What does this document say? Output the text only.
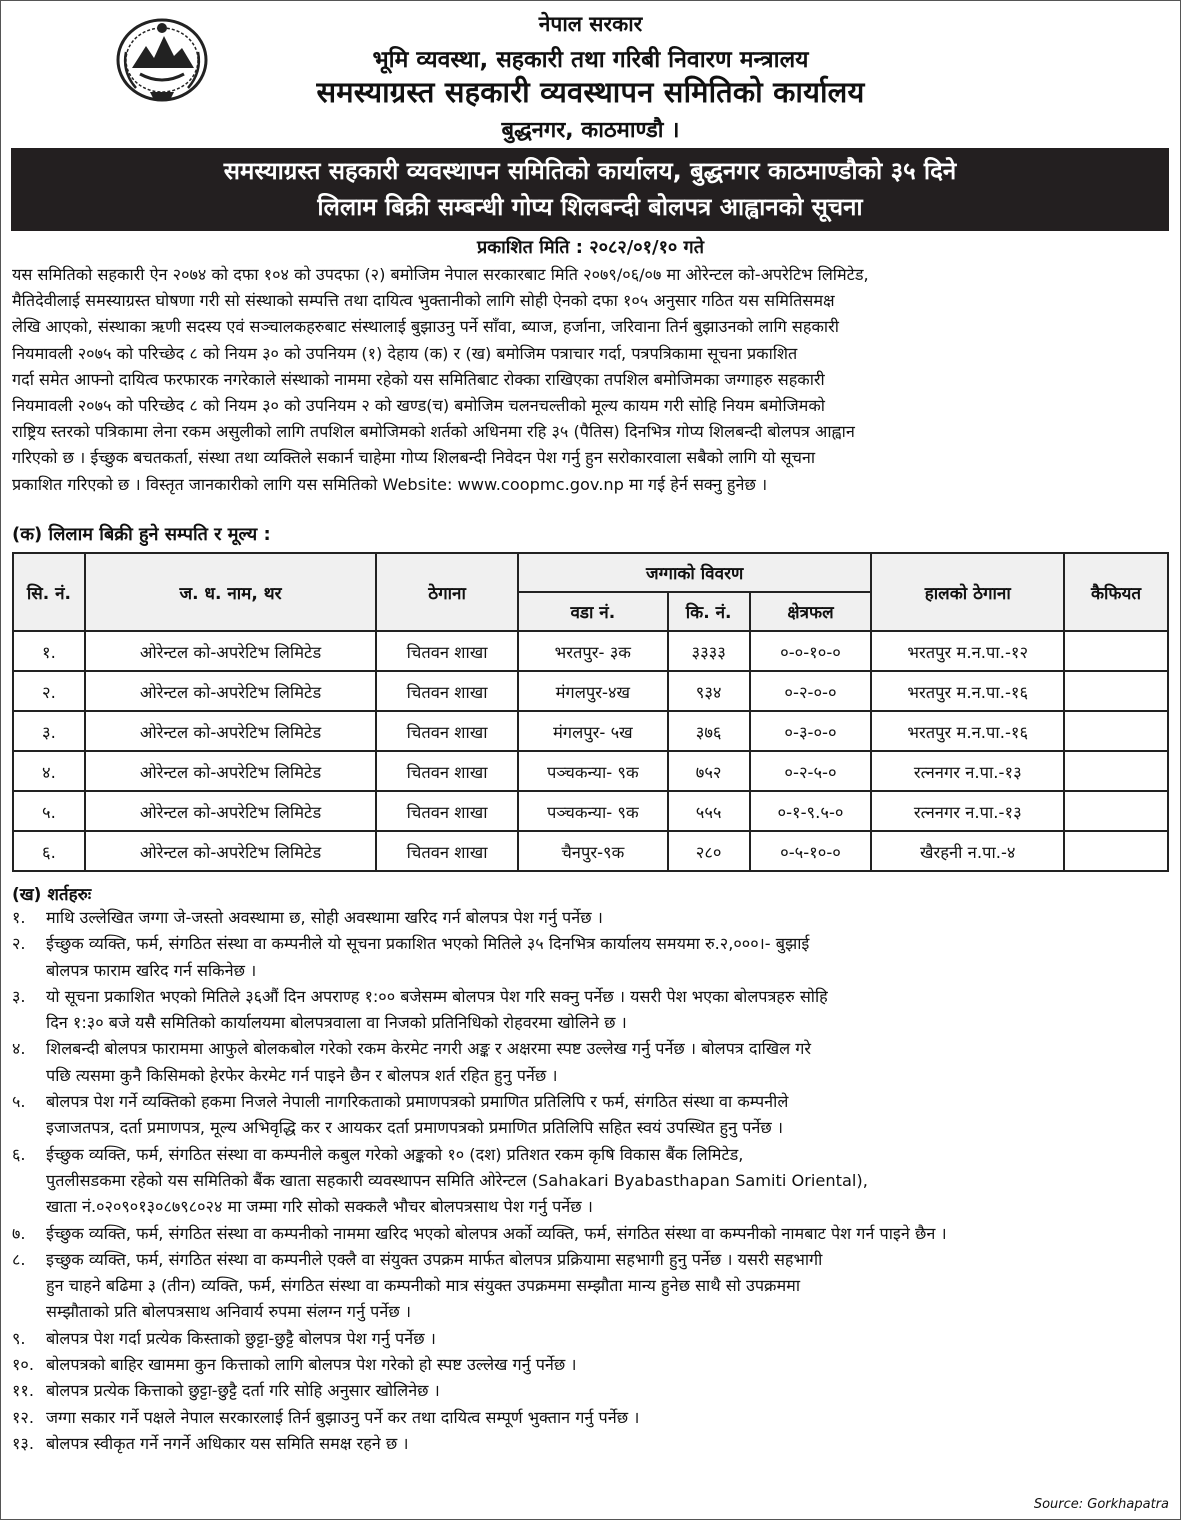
नेपाल सरकार
भूमि व्यवस्था, सहकारी तथा गरिबी निवारण मन्त्रालय
समस्याग्रस्त सहकारी व्यवस्थापन समितिको कार्यालय
बुद्धनगर, काठमाण्डौ ।
समस्याग्रस्त सहकारी व्यवस्थापन समितिको कार्यालय, बुद्धनगर काठमाण्डौको ३५ दिने
लिलाम बिक्री सम्बन्धी गोप्य शिलबन्दी बोलपत्र आह्वानको सूचना
प्रकाशित मिति : २०८२/०१/१० गते
यस समितिको सहकारी ऐन २०७४ को दफा १०४ को उपदफा (२) बमोजिम नेपाल सरकारबाट मिति २०७९/०६/०७ मा ओरेन्टल को-अपरेटिभ लिमिटेड,
मैतिदेवीलाई समस्याग्रस्त घोषणा गरी सो संस्थाको सम्पत्ति तथा दायित्व भुक्तानीको लागि सोही ऐनको दफा १०५ अनुसार गठित यस समितिसमक्ष
लेखि आएको, संस्थाका ऋणी सदस्य एवं सञ्चालकहरुबाट संस्थालाई बुझाउनु पर्ने साँवा, ब्याज, हर्जाना, जरिवाना तिर्न बुझाउनको लागि सहकारी
नियमावली २०७५ को परिच्छेद ८ को नियम ३० को उपनियम (१) देहाय (क) र (ख) बमोजिम पत्राचार गर्दा, पत्रपत्रिकामा सूचना प्रकाशित
गर्दा समेत आफ्नो दायित्व फरफारक नगरेकाले संस्थाको नाममा रहेको यस समितिबाट रोक्का राखिएका तपशिल बमोजिमका जग्गाहरु सहकारी
नियमावली २०७५ को परिच्छेद ८ को नियम ३० को उपनियम २ को खण्ड(च) बमोजिम चलनचल्तीको मूल्य कायम गरी सोहि नियम बमोजिमको
राष्ट्रिय स्तरको पत्रिकामा लेना रकम असुलीको लागि तपशिल बमोजिमको शर्तको अधिनमा रहि ३५ (पैतिस) दिनभित्र गोप्य शिलबन्दी बोलपत्र आह्वान
गरिएको छ । ईच्छुक बचतकर्ता, संस्था तथा व्यक्तिले सकार्न चाहेमा गोप्य शिलबन्दी निवेदन पेश गर्नु हुन सरोकारवाला सबैको लागि यो सूचना
प्रकाशित गरिएको छ । विस्तृत जानकारीको लागि यस समितिको Website: www.coopmc.gov.np मा गई हेर्न सक्नु हुनेछ ।
(क) लिलाम बिक्री हुने सम्पति र मूल्य :
सि. नं.	ज. ध. नाम, थर	ठेगाना	जग्गाको विवरण			हालको ठेगाना	कैफियत
			वडा नं.	कि. नं.	क्षेत्रफल		
१.	ओरेन्टल को-अपरेटिभ लिमिटेड	चितवन शाखा	भरतपुर- ३क	३३३३	०-०-१०-०	भरतपुर म.न.पा.-१२	
२.	ओरेन्टल को-अपरेटिभ लिमिटेड	चितवन शाखा	मंगलपुर-४ख	९३४	०-२-०-०	भरतपुर म.न.पा.-१६	
३.	ओरेन्टल को-अपरेटिभ लिमिटेड	चितवन शाखा	मंगलपुर- ५ख	३७६	०-३-०-०	भरतपुर म.न.पा.-१६	
४.	ओरेन्टल को-अपरेटिभ लिमिटेड	चितवन शाखा	पञ्चकन्या- ९क	७५२	०-२-५-०	रत्ननगर न.पा.-१३	
५.	ओरेन्टल को-अपरेटिभ लिमिटेड	चितवन शाखा	पञ्चकन्या- ९क	५५५	०-१-९.५-०	रत्ननगर न.पा.-१३	
६.	ओरेन्टल को-अपरेटिभ लिमिटेड	चितवन शाखा	चैनपुर-९क	२८०	०-५-१०-०	खैरहनी न.पा.-४	
(ख) शर्तहरुः
१.	माथि उल्लेखित जग्गा जे-जस्तो अवस्थामा छ, सोही अवस्थामा खरिद गर्न बोलपत्र पेश गर्नु पर्नेछ ।
२.	ईच्छुक व्यक्ति, फर्म, संगठित संस्था वा कम्पनीले यो सूचना प्रकाशित भएको मितिले ३५ दिनभित्र कार्यालय समयमा रु.२,०००।- बुझाई
बोलपत्र फाराम खरिद गर्न सकिनेछ ।
३.	यो सूचना प्रकाशित भएको मितिले ३६औं दिन अपराण्ह १:०० बजेसम्म बोलपत्र पेश गरि सक्नु पर्नेछ । यसरी पेश भएका बोलपत्रहरु सोहि
दिन १:३० बजे यसै समितिको कार्यालयमा बोलपत्रवाला वा निजको प्रतिनिधिको रोहवरमा खोलिने छ ।
४.	शिलबन्दी बोलपत्र फाराममा आफुले बोलकबोल गरेको रकम केरमेट नगरी अङ्क र अक्षरमा स्पष्ट उल्लेख गर्नु पर्नेछ । बोलपत्र दाखिल गरे
पछि त्यसमा कुनै किसिमको हेरफेर केरमेट गर्न पाइने छैन र बोलपत्र शर्त रहित हुनु पर्नेछ ।
५.	बोलपत्र पेश गर्ने व्यक्तिको हकमा निजले नेपाली नागरिकताको प्रमाणपत्रको प्रमाणित प्रतिलिपि र फर्म, संगठित संस्था वा कम्पनीले
इजाजतपत्र, दर्ता प्रमाणपत्र, मूल्य अभिवृद्धि कर र आयकर दर्ता प्रमाणपत्रको प्रमाणित प्रतिलिपि सहित स्वयं उपस्थित हुनु पर्नेछ ।
६.	ईच्छुक व्यक्ति, फर्म, संगठित संस्था वा कम्पनीले कबुल गरेको अङ्कको १० (दश) प्रतिशत रकम कृषि विकास बैंक लिमिटेड,
पुतलीसडकमा रहेको यस समितिको बैंक खाता सहकारी व्यवस्थापन समिति ओरेन्टल (Sahakari Byabasthapan Samiti Oriental),
खाता नं.०२०९०१३०८७९८०२४ मा जम्मा गरि सोको सक्कलै भौचर बोलपत्रसाथ पेश गर्नु पर्नेछ ।
७.	ईच्छुक व्यक्ति, फर्म, संगठित संस्था वा कम्पनीको नाममा खरिद भएको बोलपत्र अर्को व्यक्ति, फर्म, संगठित संस्था वा कम्पनीको नामबाट पेश गर्न पाइने छैन ।
८.	इच्छुक व्यक्ति, फर्म, संगठित संस्था वा कम्पनीले एक्लै वा संयुक्त उपक्रम मार्फत बोलपत्र प्रक्रियामा सहभागी हुनु पर्नेछ । यसरी सहभागी
हुन चाहने बढिमा ३ (तीन) व्यक्ति, फर्म, संगठित संस्था वा कम्पनीको मात्र संयुक्त उपक्रममा सम्झौता मान्य हुनेछ साथै सो उपक्रममा
सम्झौताको प्रति बोलपत्रसाथ अनिवार्य रुपमा संलग्न गर्नु पर्नेछ ।
९.	बोलपत्र पेश गर्दा प्रत्येक किस्ताको छुट्टा-छुट्टै बोलपत्र पेश गर्नु पर्नेछ ।
१०. बोलपत्रको बाहिर खाममा कुन कित्ताको लागि बोलपत्र पेश गरेको हो स्पष्ट उल्लेख गर्नु पर्नेछ ।
११. बोलपत्र प्रत्येक कित्ताको छुट्टा-छुट्टै दर्ता गरि सोहि अनुसार खोलिनेछ ।
१२. जग्गा सकार गर्ने पक्षले नेपाल सरकारलाई तिर्न बुझाउनु पर्ने कर तथा दायित्व सम्पूर्ण भुक्तान गर्नु पर्नेछ ।
१३. बोलपत्र स्वीकृत गर्ने नगर्ने अधिकार यस समिति समक्ष रहने छ ।
Source: Gorkhapatra
